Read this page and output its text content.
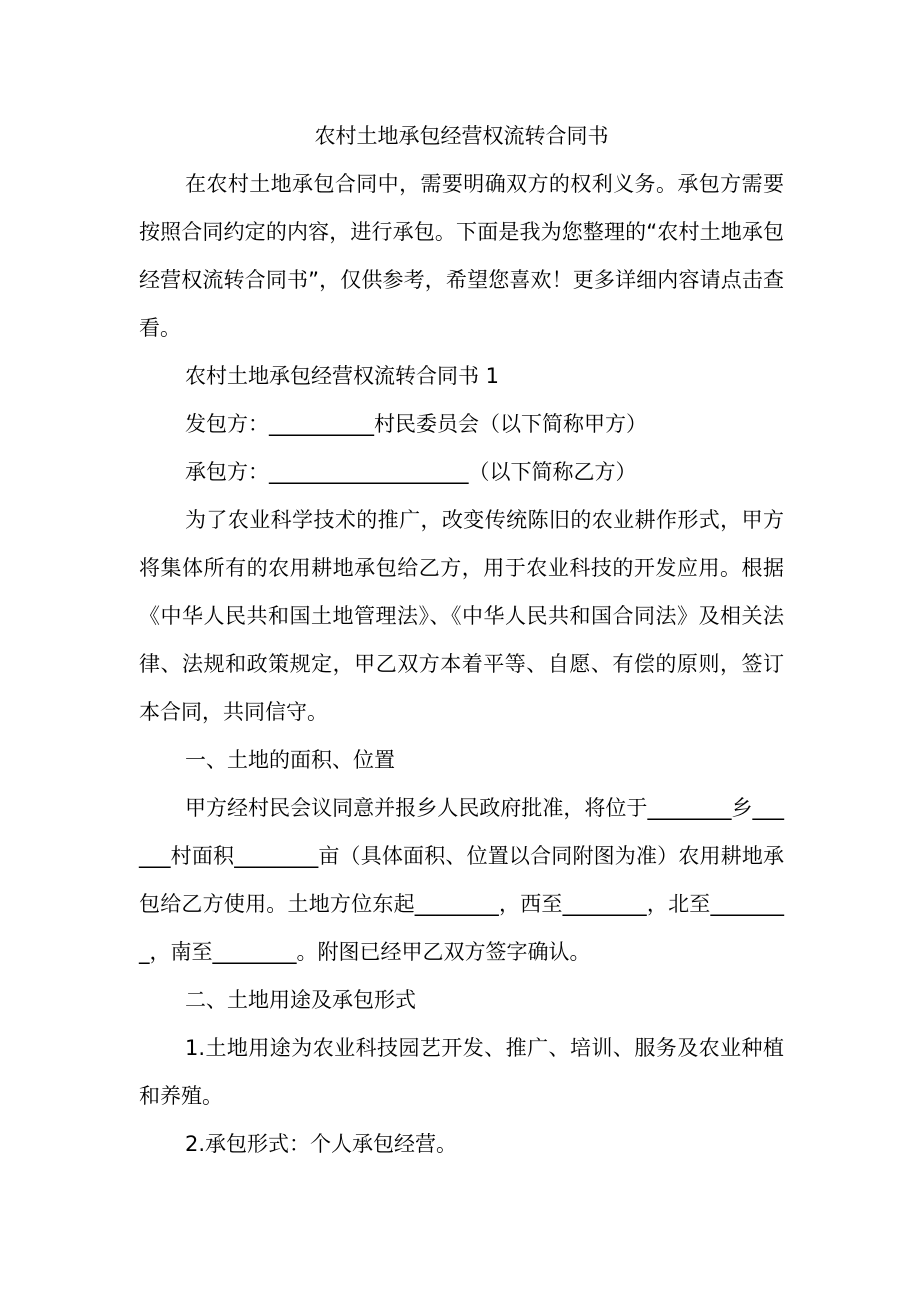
农村土地承包经营权流转合同书

在农村土地承包合同中，需要明确双方的权利义务。承包方需要按照合同约定的内容，进行承包。下面是我为您整理的“农村土地承包经营权流转合同书”，仅供参考，希望您喜欢！更多详细内容请点击查看。

农村土地承包经营权流转合同书 1

发包方：__________村民委员会（以下简称甲方）

承包方：___________________（以下简称乙方）

为了农业科学技术的推广，改变传统陈旧的农业耕作形式，甲方将集体所有的农用耕地承包给乙方，用于农业科技的开发应用。根据《中华人民共和国土地管理法》、《中华人民共和国合同法》及相关法律、法规和政策规定，甲乙双方本着平等、自愿、有偿的原则，签订本合同，共同信守。

一、土地的面积、位置

甲方经村民会议同意并报乡人民政府批准，将位于________乡______村面积________亩（具体面积、位置以合同附图为准）农用耕地承包给乙方使用。土地方位东起________，西至________，北至________，南至________。附图已经甲乙双方签字确认。

二、土地用途及承包形式

1.土地用途为农业科技园艺开发、推广、培训、服务及农业种植和养殖。

2.承包形式：个人承包经营。
